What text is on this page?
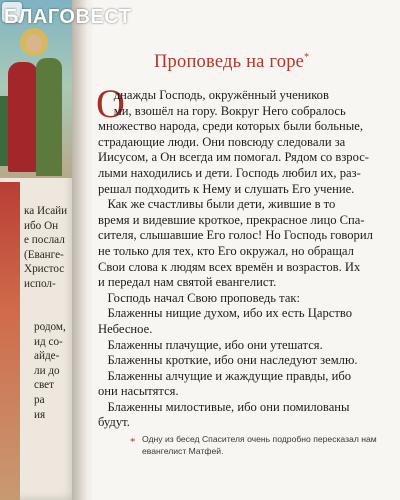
ка Исайи
ибо Он
е послал
(Еванге-
Христос
испол-
родом,
ид со-
айде-
ли до
свет
ра
ия
БЛАГОВЕСТ
Проповедь на горе*
О
днажды Господь, окружённый учеников
ми, взошёл на гору. Вокруг Него собралось
множество народа, среди которых были больные,
страдающие люди. Они повсюду следовали за
Иисусом, а Он всегда им помогал. Рядом со взрос-
лыми находились и дети. Господь любил их, раз-
решал подходить к Нему и слушать Его учение.
Как же счастливы были дети, жившие в то
время и видевшие кроткое, прекрасное лицо Спа-
сителя, слышавшие Его голос! Но Господь говорил
не только для тех, кто Его окружал, но обращал
Свои слова к людям всех времён и возрастов. Их
и передал нам святой евангелист.
Господь начал Свою проповедь так:
Блаженны нищие духом, ибо их есть Царство
Небесное.
Блаженны плачущие, ибо они утешатся.
Блаженны кроткие, ибо они наследуют землю.
Блаженны алчущие и жаждущие правды, ибо
они насытятся.
Блаженны милостивые, ибо они помилованы
будут.
* Одну из бесед Спасителя очень подробно пересказал нам
евангелист Матфей.
